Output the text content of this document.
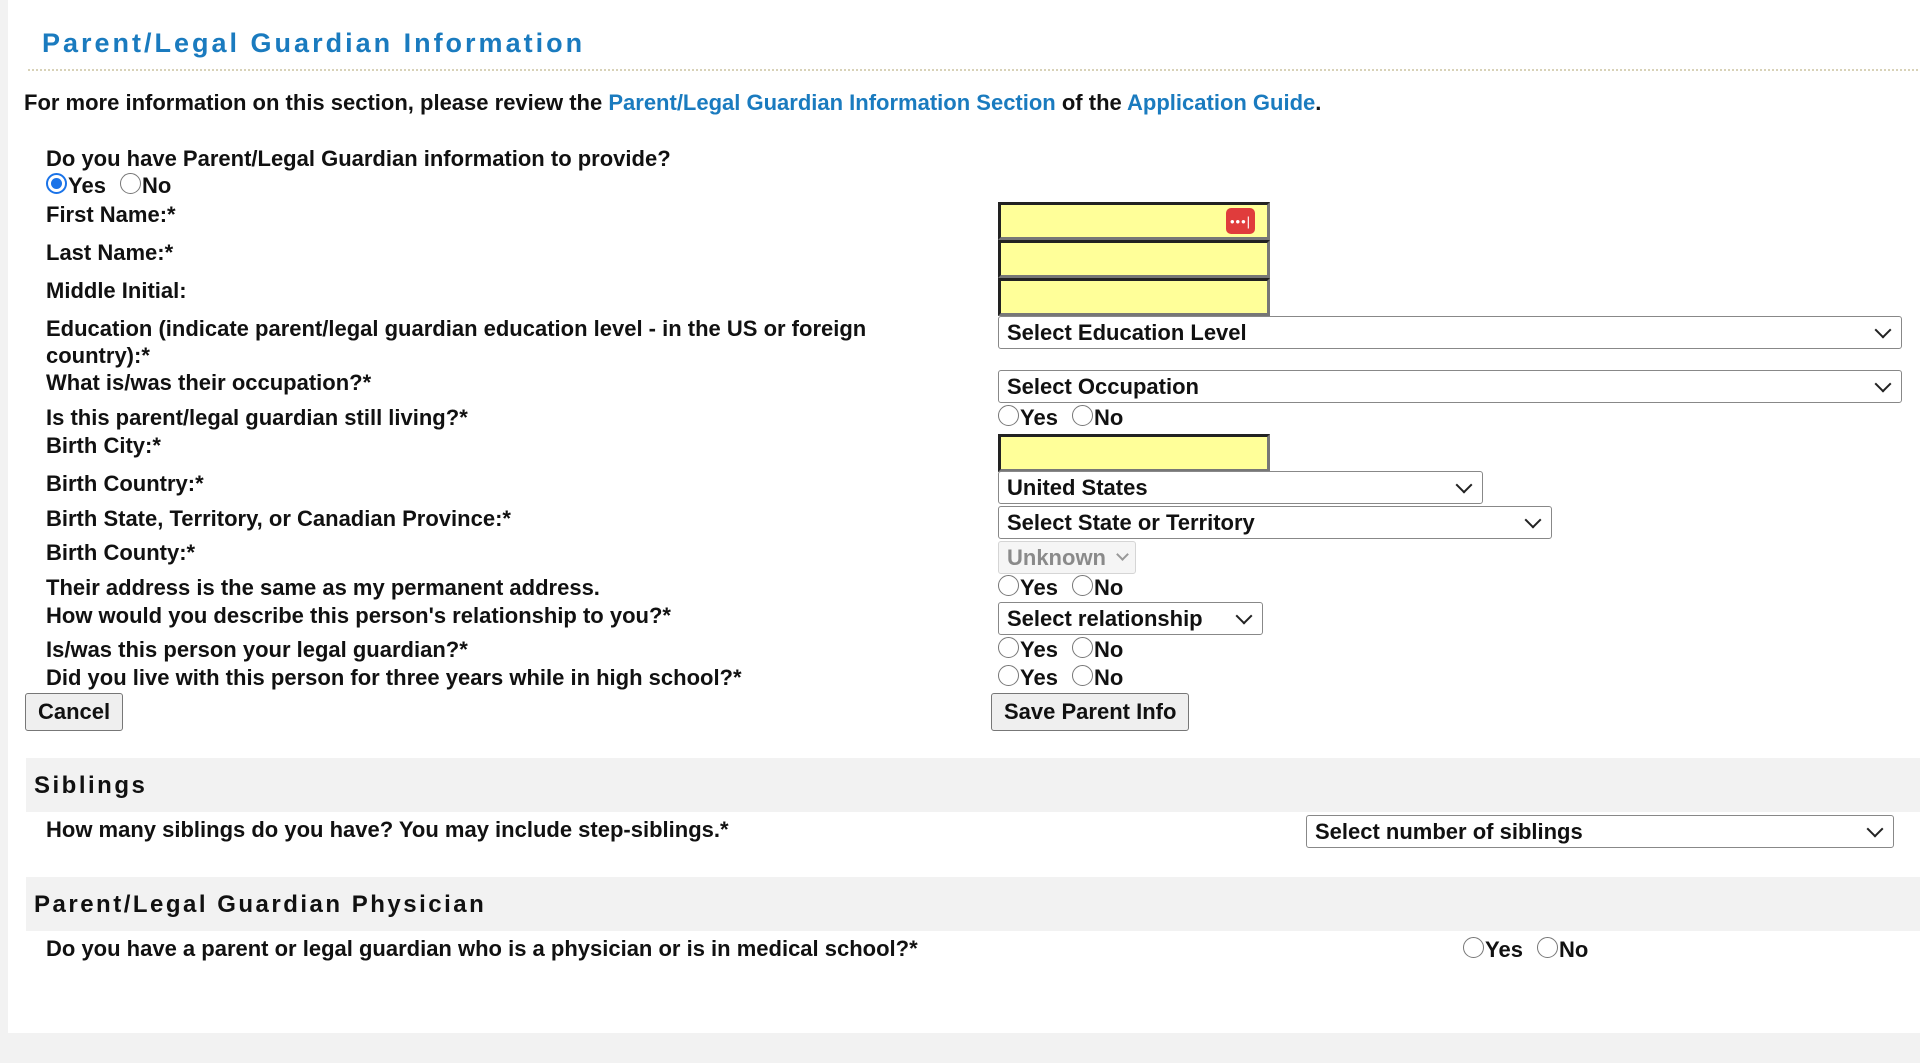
Parent/Legal Guardian Information
For more information on this section, please review the Parent/Legal Guardian Information Section of the Application Guide.
Do you have Parent/Legal Guardian information to provide?
Yes No
First Name:*	•••|
Last Name:*
Middle Initial:
Education (indicate parent/legal guardian education level - in the US or foreign country):*
Select Education Level
What is/was their occupation?*	Select Occupation
Is this parent/legal guardian still living?*	Yes No
Birth City:*
Birth Country:*	United States
Birth State, Territory, or Canadian Province:*	Select State or Territory
Birth County:*	Unknown
Their address is the same as my permanent address.	Yes No
How would you describe this person's relationship to you?*	Select relationship
Is/was this person your legal guardian?*	Yes No
Did you live with this person for three years while in high school?*	Yes No
Cancel	Save Parent Info
Siblings
How many siblings do you have? You may include step-siblings.*	Select number of siblings
Parent/Legal Guardian Physician
Do you have a parent or legal guardian who is a physician or is in medical school?*	Yes No
